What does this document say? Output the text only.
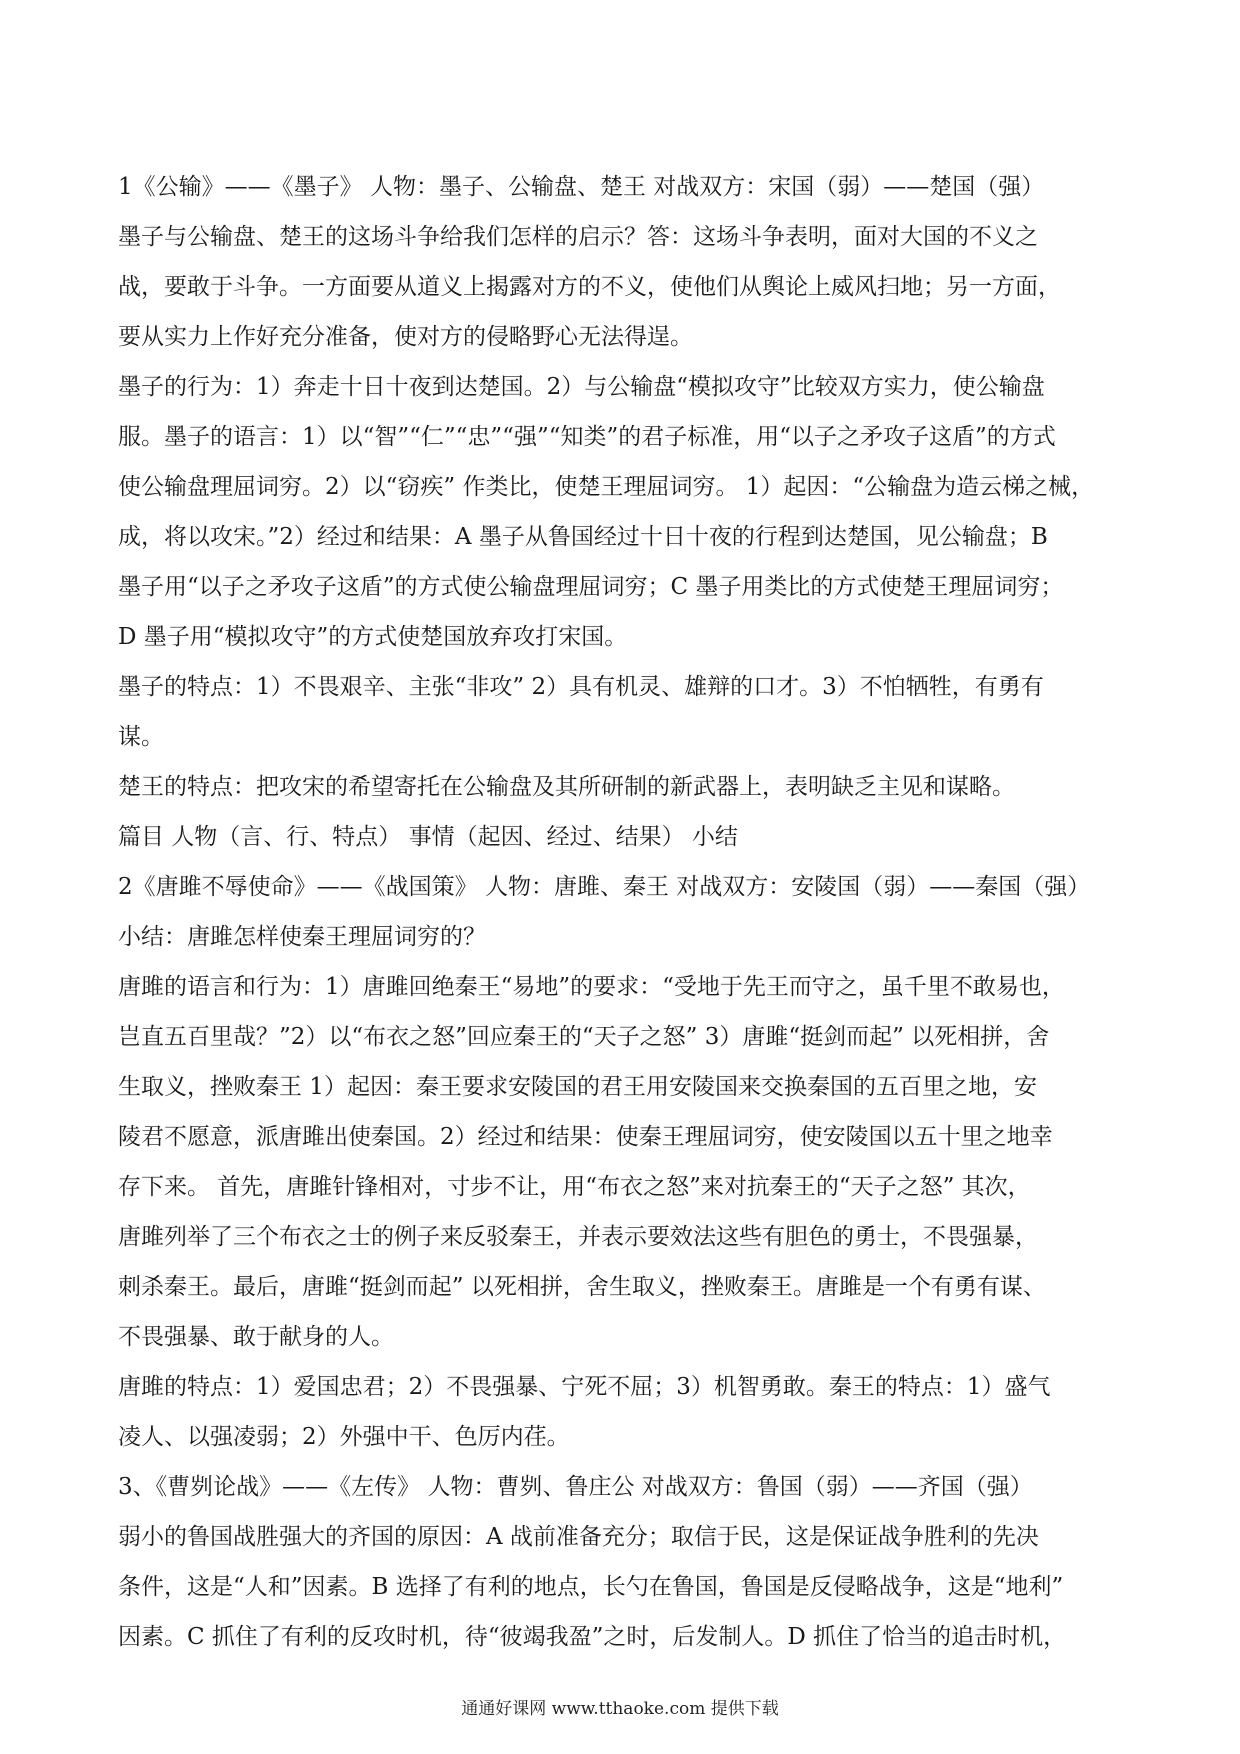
1《公输》——《墨子》 人物：墨子、公输盘、楚王 对战双方：宋国（弱）——楚国（强）
墨子与公输盘、楚王的这场斗争给我们怎样的启示？答：这场斗争表明，面对大国的不义之
战，要敢于斗争。一方面要从道义上揭露对方的不义，使他们从舆论上威风扫地；另一方面，
要从实力上作好充分准备，使对方的侵略野心无法得逞。
墨子的行为：1）奔走十日十夜到达楚国。2）与公输盘“模拟攻守”比较双方实力，使公输盘
服。墨子的语言：1）以“智”“仁”“忠”“强”“知类”的君子标准，用“以子之矛攻子这盾”的方式
使公输盘理屈词穷。2）以“窃疾” 作类比，使楚王理屈词穷。 1）起因：“公输盘为造云梯之械，
成，将以攻宋。”2）经过和结果：A 墨子从鲁国经过十日十夜的行程到达楚国，见公输盘；B
墨子用“以子之矛攻子这盾”的方式使公输盘理屈词穷；C 墨子用类比的方式使楚王理屈词穷；
D 墨子用“模拟攻守”的方式使楚国放弃攻打宋国。
墨子的特点：1）不畏艰辛、主张“非攻” 2）具有机灵、雄辩的口才。3）不怕牺牲，有勇有
谋。
楚王的特点：把攻宋的希望寄托在公输盘及其所研制的新武器上，表明缺乏主见和谋略。
篇目 人物（言、行、特点） 事情（起因、经过、结果） 小结
2《唐雎不辱使命》——《战国策》 人物：唐雎、秦王 对战双方：安陵国（弱）——秦国（强）
小结：唐雎怎样使秦王理屈词穷的？
唐雎的语言和行为：1）唐雎回绝秦王“易地”的要求：“受地于先王而守之，虽千里不敢易也，
岂直五百里哉？”2）以“布衣之怒”回应秦王的“天子之怒” 3）唐雎“挺剑而起” 以死相拼，舍
生取义，挫败秦王 1）起因：秦王要求安陵国的君王用安陵国来交换秦国的五百里之地，安
陵君不愿意，派唐雎出使秦国。2）经过和结果：使秦王理屈词穷，使安陵国以五十里之地幸
存下来。 首先，唐雎针锋相对，寸步不让，用“布衣之怒”来对抗秦王的“天子之怒” 其次，
唐雎列举了三个布衣之士的例子来反驳秦王，并表示要效法这些有胆色的勇士，不畏强暴，
刺杀秦王。最后，唐雎“挺剑而起” 以死相拼，舍生取义，挫败秦王。唐雎是一个有勇有谋、
不畏强暴、敢于献身的人。
唐雎的特点：1）爱国忠君；2）不畏强暴、宁死不屈；3）机智勇敢。秦王的特点：1）盛气
凌人、以强凌弱；2）外强中干、色厉内荏。
3、《曹刿论战》——《左传》 人物：曹刿、鲁庄公 对战双方：鲁国（弱）——齐国（强）
弱小的鲁国战胜强大的齐国的原因：A 战前准备充分；取信于民，这是保证战争胜利的先决
条件，这是“人和”因素。B 选择了有利的地点，长勺在鲁国，鲁国是反侵略战争，这是“地利”
因素。C 抓住了有利的反攻时机，待“彼竭我盈”之时，后发制人。D 抓住了恰当的追击时机，
通通好课网 www.tthaoke.com 提供下载
